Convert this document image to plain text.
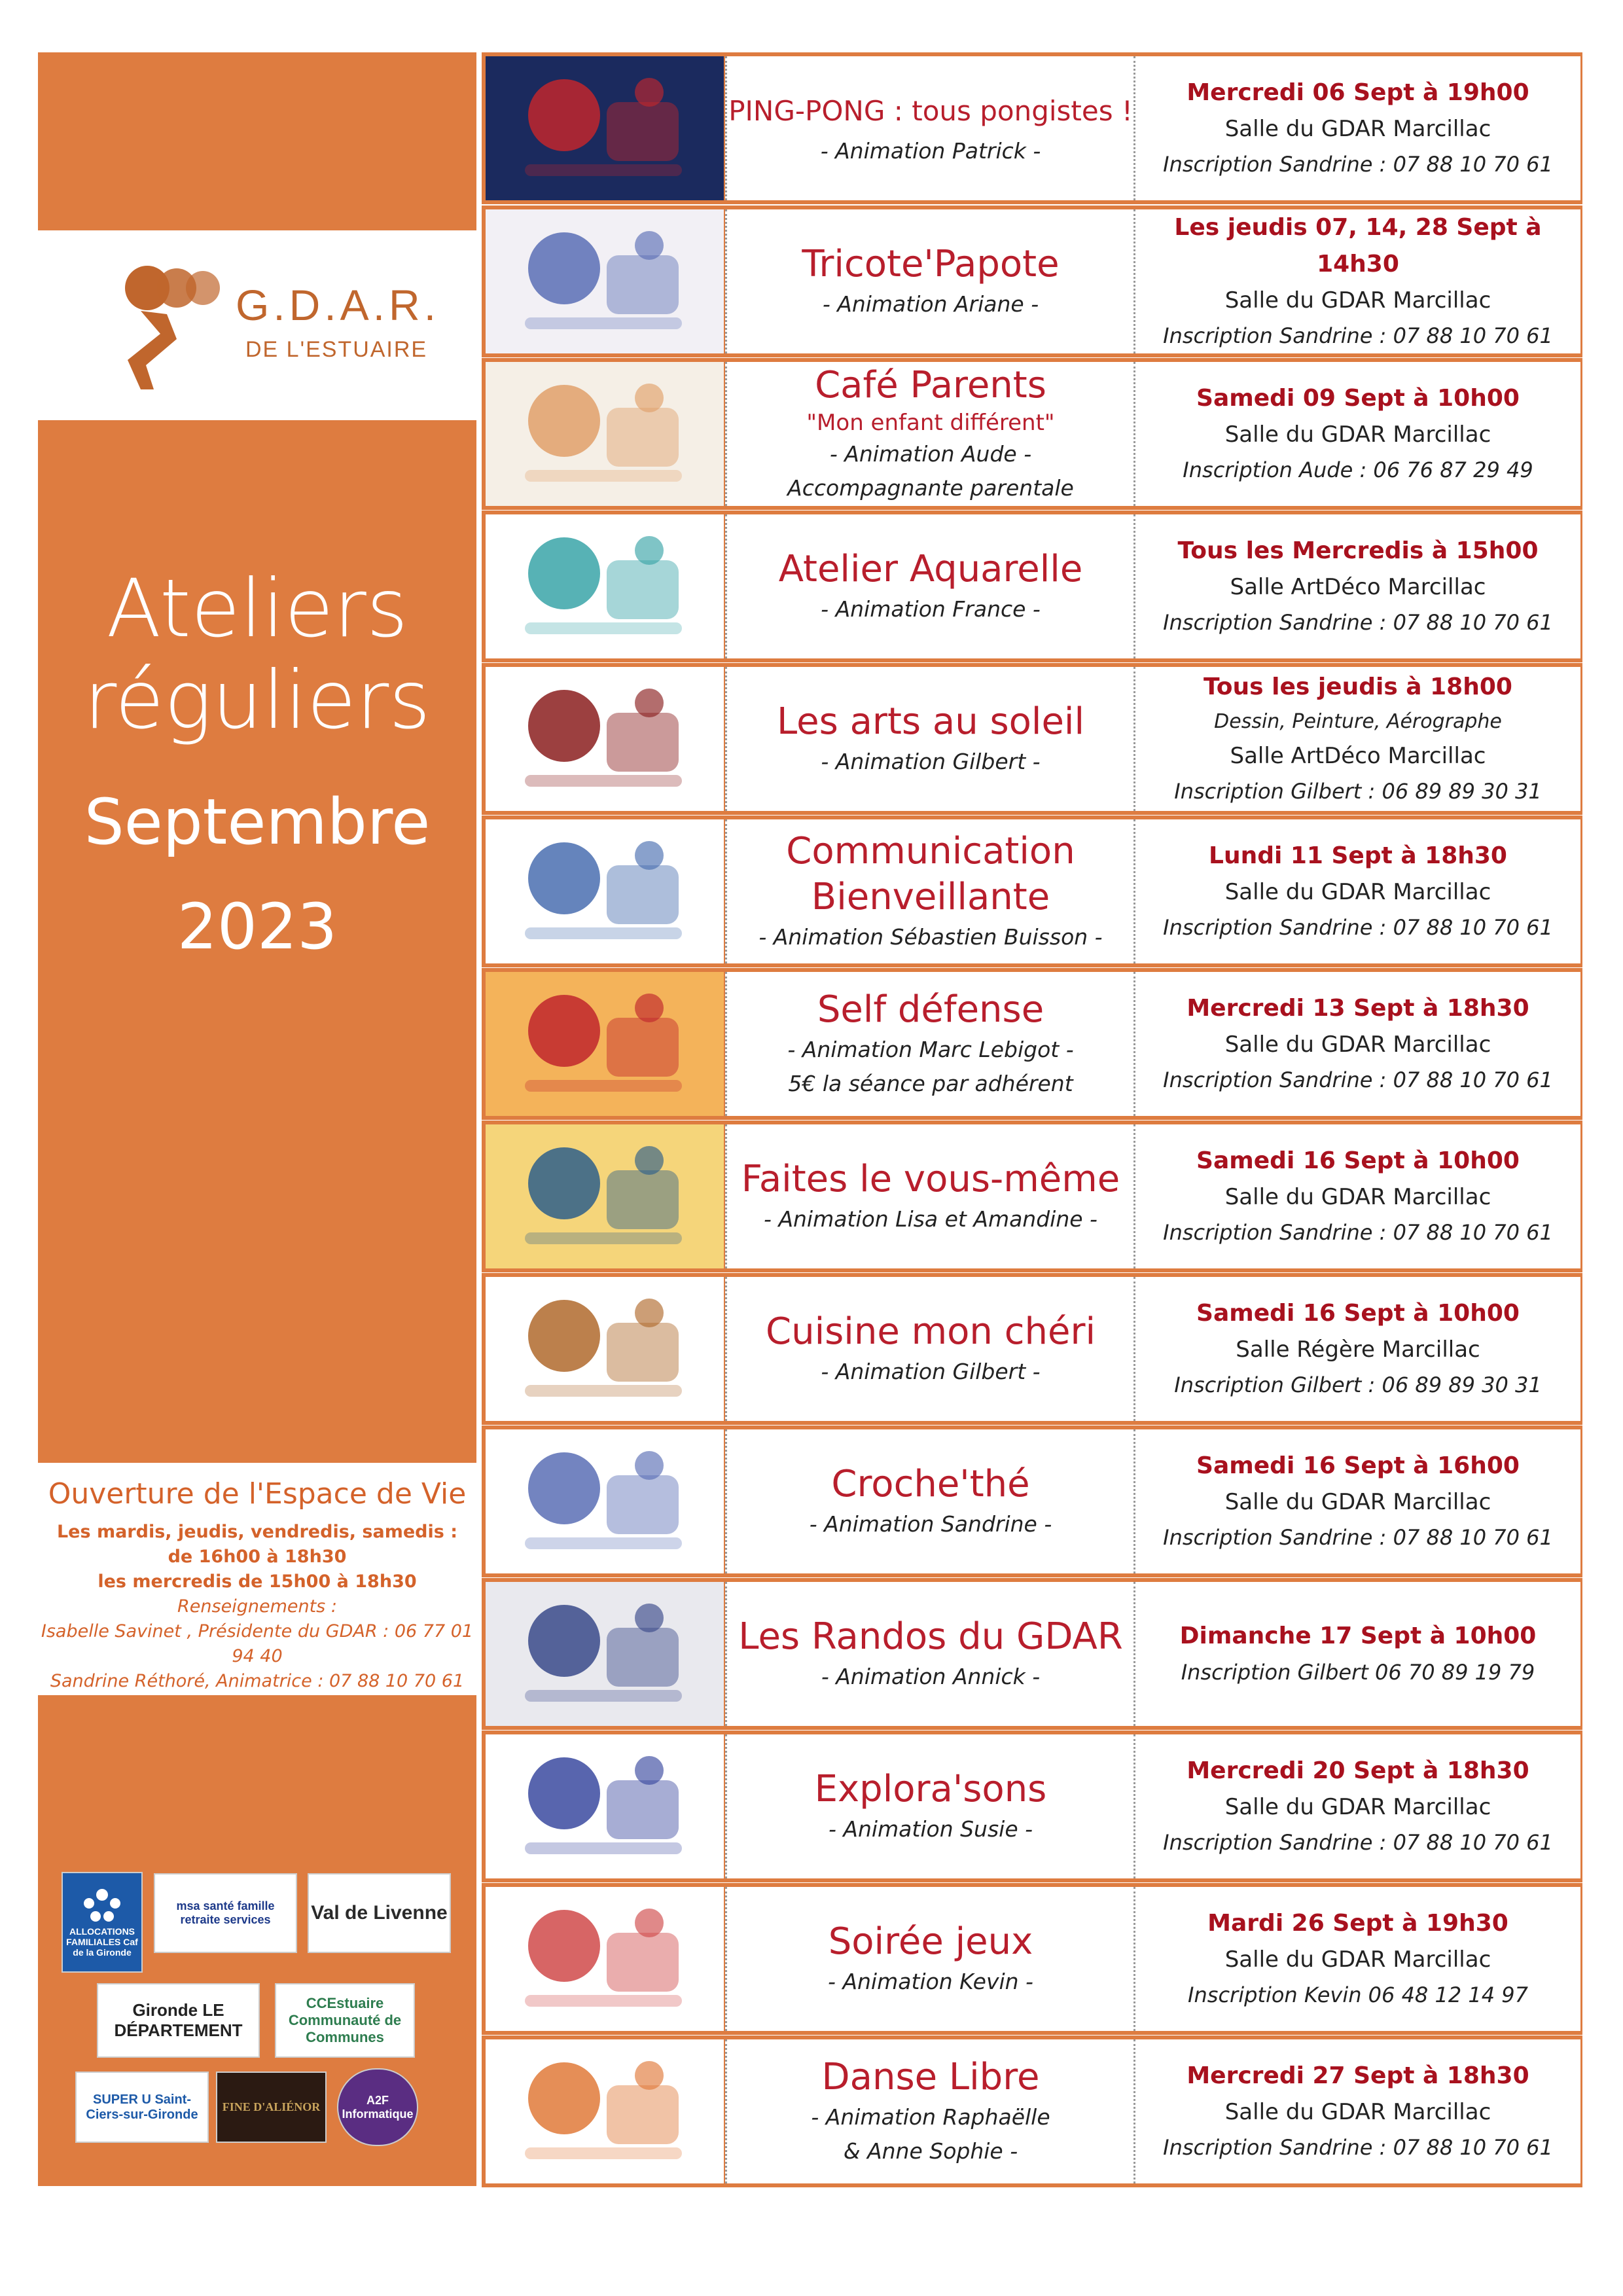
G.D.A.R.
DE L'ESTUAIRE
Ateliers
réguliers
Septembre
2023
Ouverture de l'Espace de Vie
Les mardis, jeudis, vendredis, samedis :
de 16h00 à 18h30
les mercredis de 15h00 à 18h30
Renseignements :
Isabelle Savinet , Présidente du GDAR : 06 77 01 94 40
Sandrine Réthoré, Animatrice : 07 88 10 70 61
ALLOCATIONS FAMILIALES Caf de la Gironde
msa santé famille retraite services	Val de Livenne
Gironde LE DÉPARTEMENT
CCEstuaire Communauté de Communes
SUPER U Saint-Ciers-sur-Gironde
FINE D'ALIÉNOR
A2F Informatique
PING-PONG : tous pongistes !
- Animation Patrick -
Mercredi 06 Sept à 19h00
Salle du GDAR Marcillac
Inscription Sandrine : 07 88 10 70 61
Tricote'Papote
- Animation Ariane -
Les jeudis 07, 14, 28 Sept à 14h30
Salle du GDAR Marcillac
Inscription Sandrine : 07 88 10 70 61
Café Parents
"Mon enfant différent"
- Animation Aude -
Accompagnante parentale
Samedi 09 Sept à 10h00
Salle du GDAR Marcillac
Inscription Aude : 06 76 87 29 49
Atelier Aquarelle
- Animation France -
Tous les Mercredis à 15h00
Salle ArtDéco Marcillac
Inscription Sandrine : 07 88 10 70 61
Les arts au soleil
- Animation Gilbert -
Tous les jeudis à 18h00
Dessin, Peinture, Aérographe
Salle ArtDéco Marcillac
Inscription Gilbert : 06 89 89 30 31
Communication Bienveillante
- Animation Sébastien Buisson -
Lundi 11 Sept à 18h30
Salle du GDAR Marcillac
Inscription Sandrine : 07 88 10 70 61
Self défense
- Animation Marc Lebigot -
5€ la séance par adhérent
Mercredi 13 Sept à 18h30
Salle du GDAR Marcillac
Inscription Sandrine : 07 88 10 70 61
Faites le vous-même
- Animation Lisa et Amandine -
Samedi 16 Sept à 10h00
Salle du GDAR Marcillac
Inscription Sandrine : 07 88 10 70 61
Cuisine mon chéri
- Animation Gilbert -
Samedi 16 Sept à 10h00
Salle Régère Marcillac
Inscription Gilbert : 06 89 89 30 31
Croche'thé
- Animation Sandrine -
Samedi 16 Sept à 16h00
Salle du GDAR Marcillac
Inscription Sandrine : 07 88 10 70 61
Les Randos du GDAR
- Animation Annick -
Dimanche 17 Sept à 10h00
Inscription Gilbert 06 70 89 19 79
Explora'sons
- Animation Susie -
Mercredi 20 Sept à 18h30
Salle du GDAR Marcillac
Inscription Sandrine : 07 88 10 70 61
Soirée jeux
- Animation Kevin -
Mardi 26 Sept à 19h30
Salle du GDAR Marcillac
Inscription Kevin 06 48 12 14 97
Danse Libre
- Animation Raphaëlle
& Anne Sophie -
Mercredi 27 Sept à 18h30
Salle du GDAR Marcillac
Inscription Sandrine : 07 88 10 70 61
